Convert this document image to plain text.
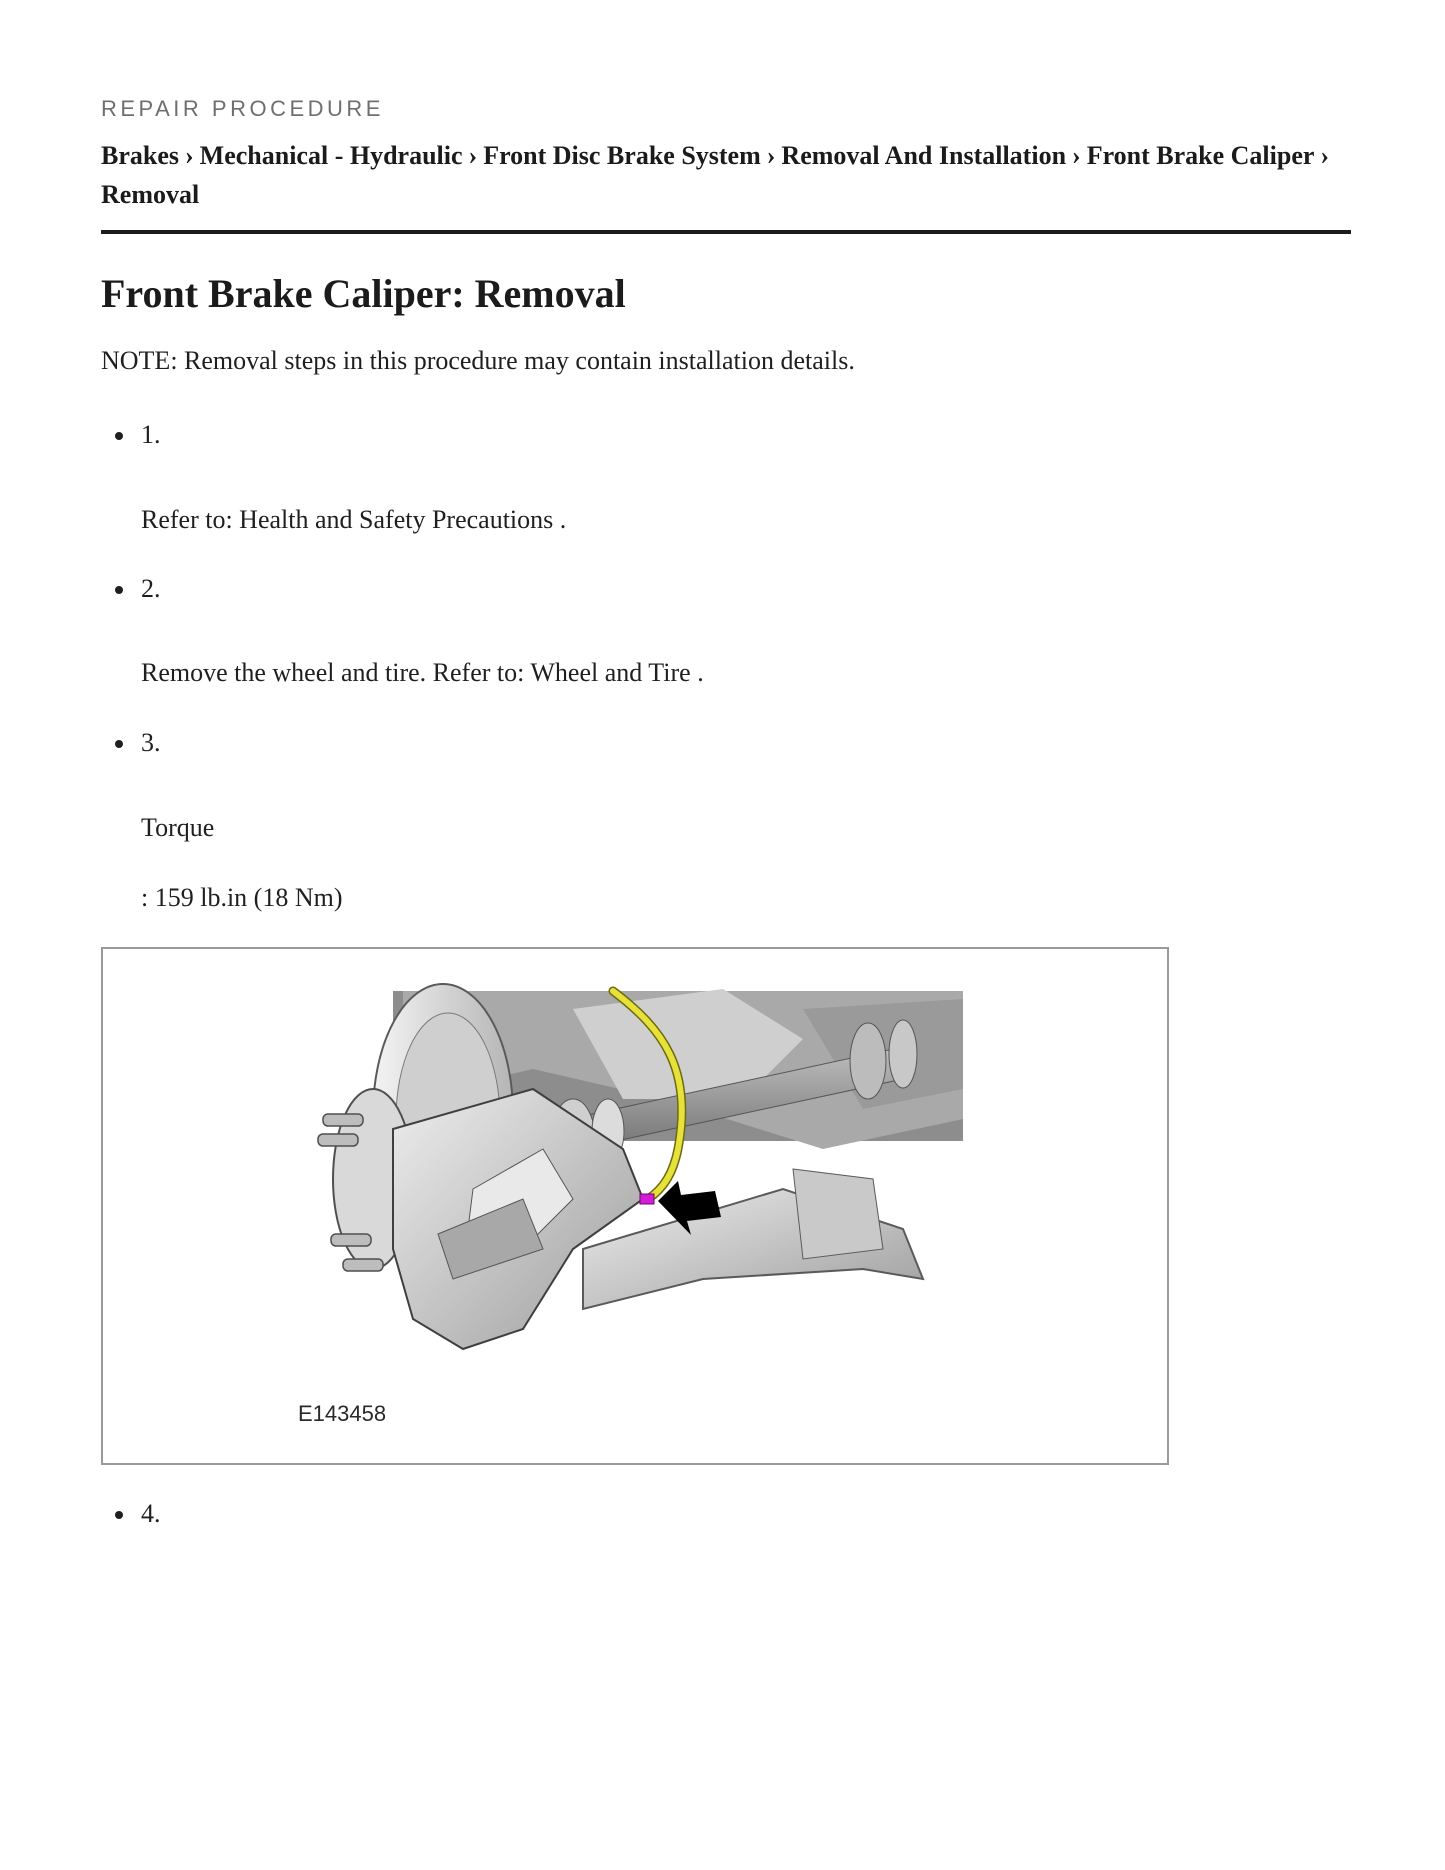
REPAIR PROCEDURE

Brakes › Mechanical - Hydraulic › Front Disc Brake System › Removal And Installation › Front Brake Caliper ›
Removal
Front Brake Caliper: Removal

NOTE: Removal steps in this procedure may contain installation details.

1.
Refer to: Health and Safety Precautions .
2.
Remove the wheel and tire. Refer to: Wheel and Tire .
3.
Torque
: 159 lb.in (18 Nm)
E143458
4.
